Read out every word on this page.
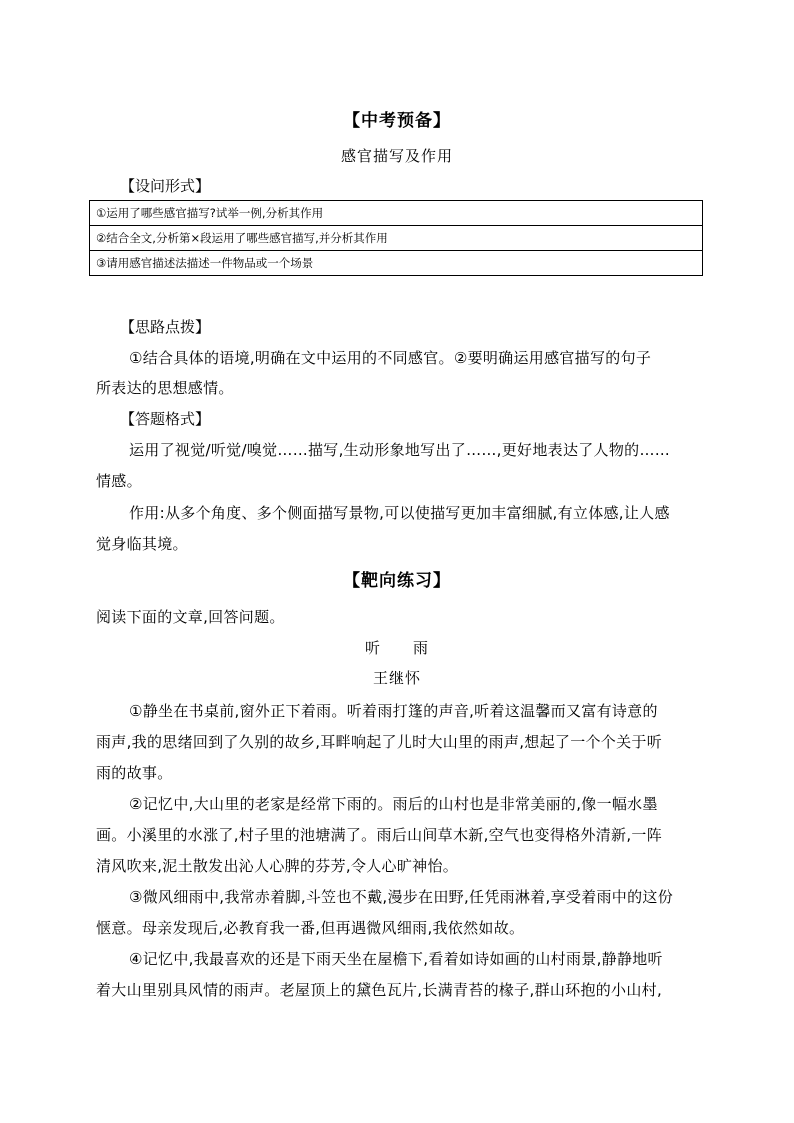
【中考预备】
感官描写及作用
【设问形式】
①运用了哪些感官描写?试举一例,分析其作用
②结合全文,分析第×段运用了哪些感官描写,并分析其作用
③请用感官描述法描述一件物品或一个场景
【思路点拨】
①结合具体的语境,明确在文中运用的不同感官。②要明确运用感官描写的句子
所表达的思想感情。
【答题格式】
运用了视觉/听觉/嗅觉……描写,生动形象地写出了……,更好地表达了人物的……
情感。
作用:从多个角度、多个侧面描写景物,可以使描写更加丰富细腻,有立体感,让人感
觉身临其境。
【靶向练习】
阅读下面的文章,回答问题。
听　　雨
王继怀
①静坐在书桌前,窗外正下着雨。听着雨打篷的声音,听着这温馨而又富有诗意的
雨声,我的思绪回到了久别的故乡,耳畔响起了儿时大山里的雨声,想起了一个个关于听
雨的故事。
②记忆中,大山里的老家是经常下雨的。雨后的山村也是非常美丽的,像一幅水墨
画。小溪里的水涨了,村子里的池塘满了。雨后山间草木新,空气也变得格外清新,一阵
清风吹来,泥土散发出沁人心脾的芬芳,令人心旷神怡。
③微风细雨中,我常赤着脚,斗笠也不戴,漫步在田野,任凭雨淋着,享受着雨中的这份
惬意。母亲发现后,必教育我一番,但再遇微风细雨,我依然如故。
④记忆中,我最喜欢的还是下雨天坐在屋檐下,看着如诗如画的山村雨景,静静地听
着大山里别具风情的雨声。老屋顶上的黛色瓦片,长满青苔的椽子,群山环抱的小山村,
